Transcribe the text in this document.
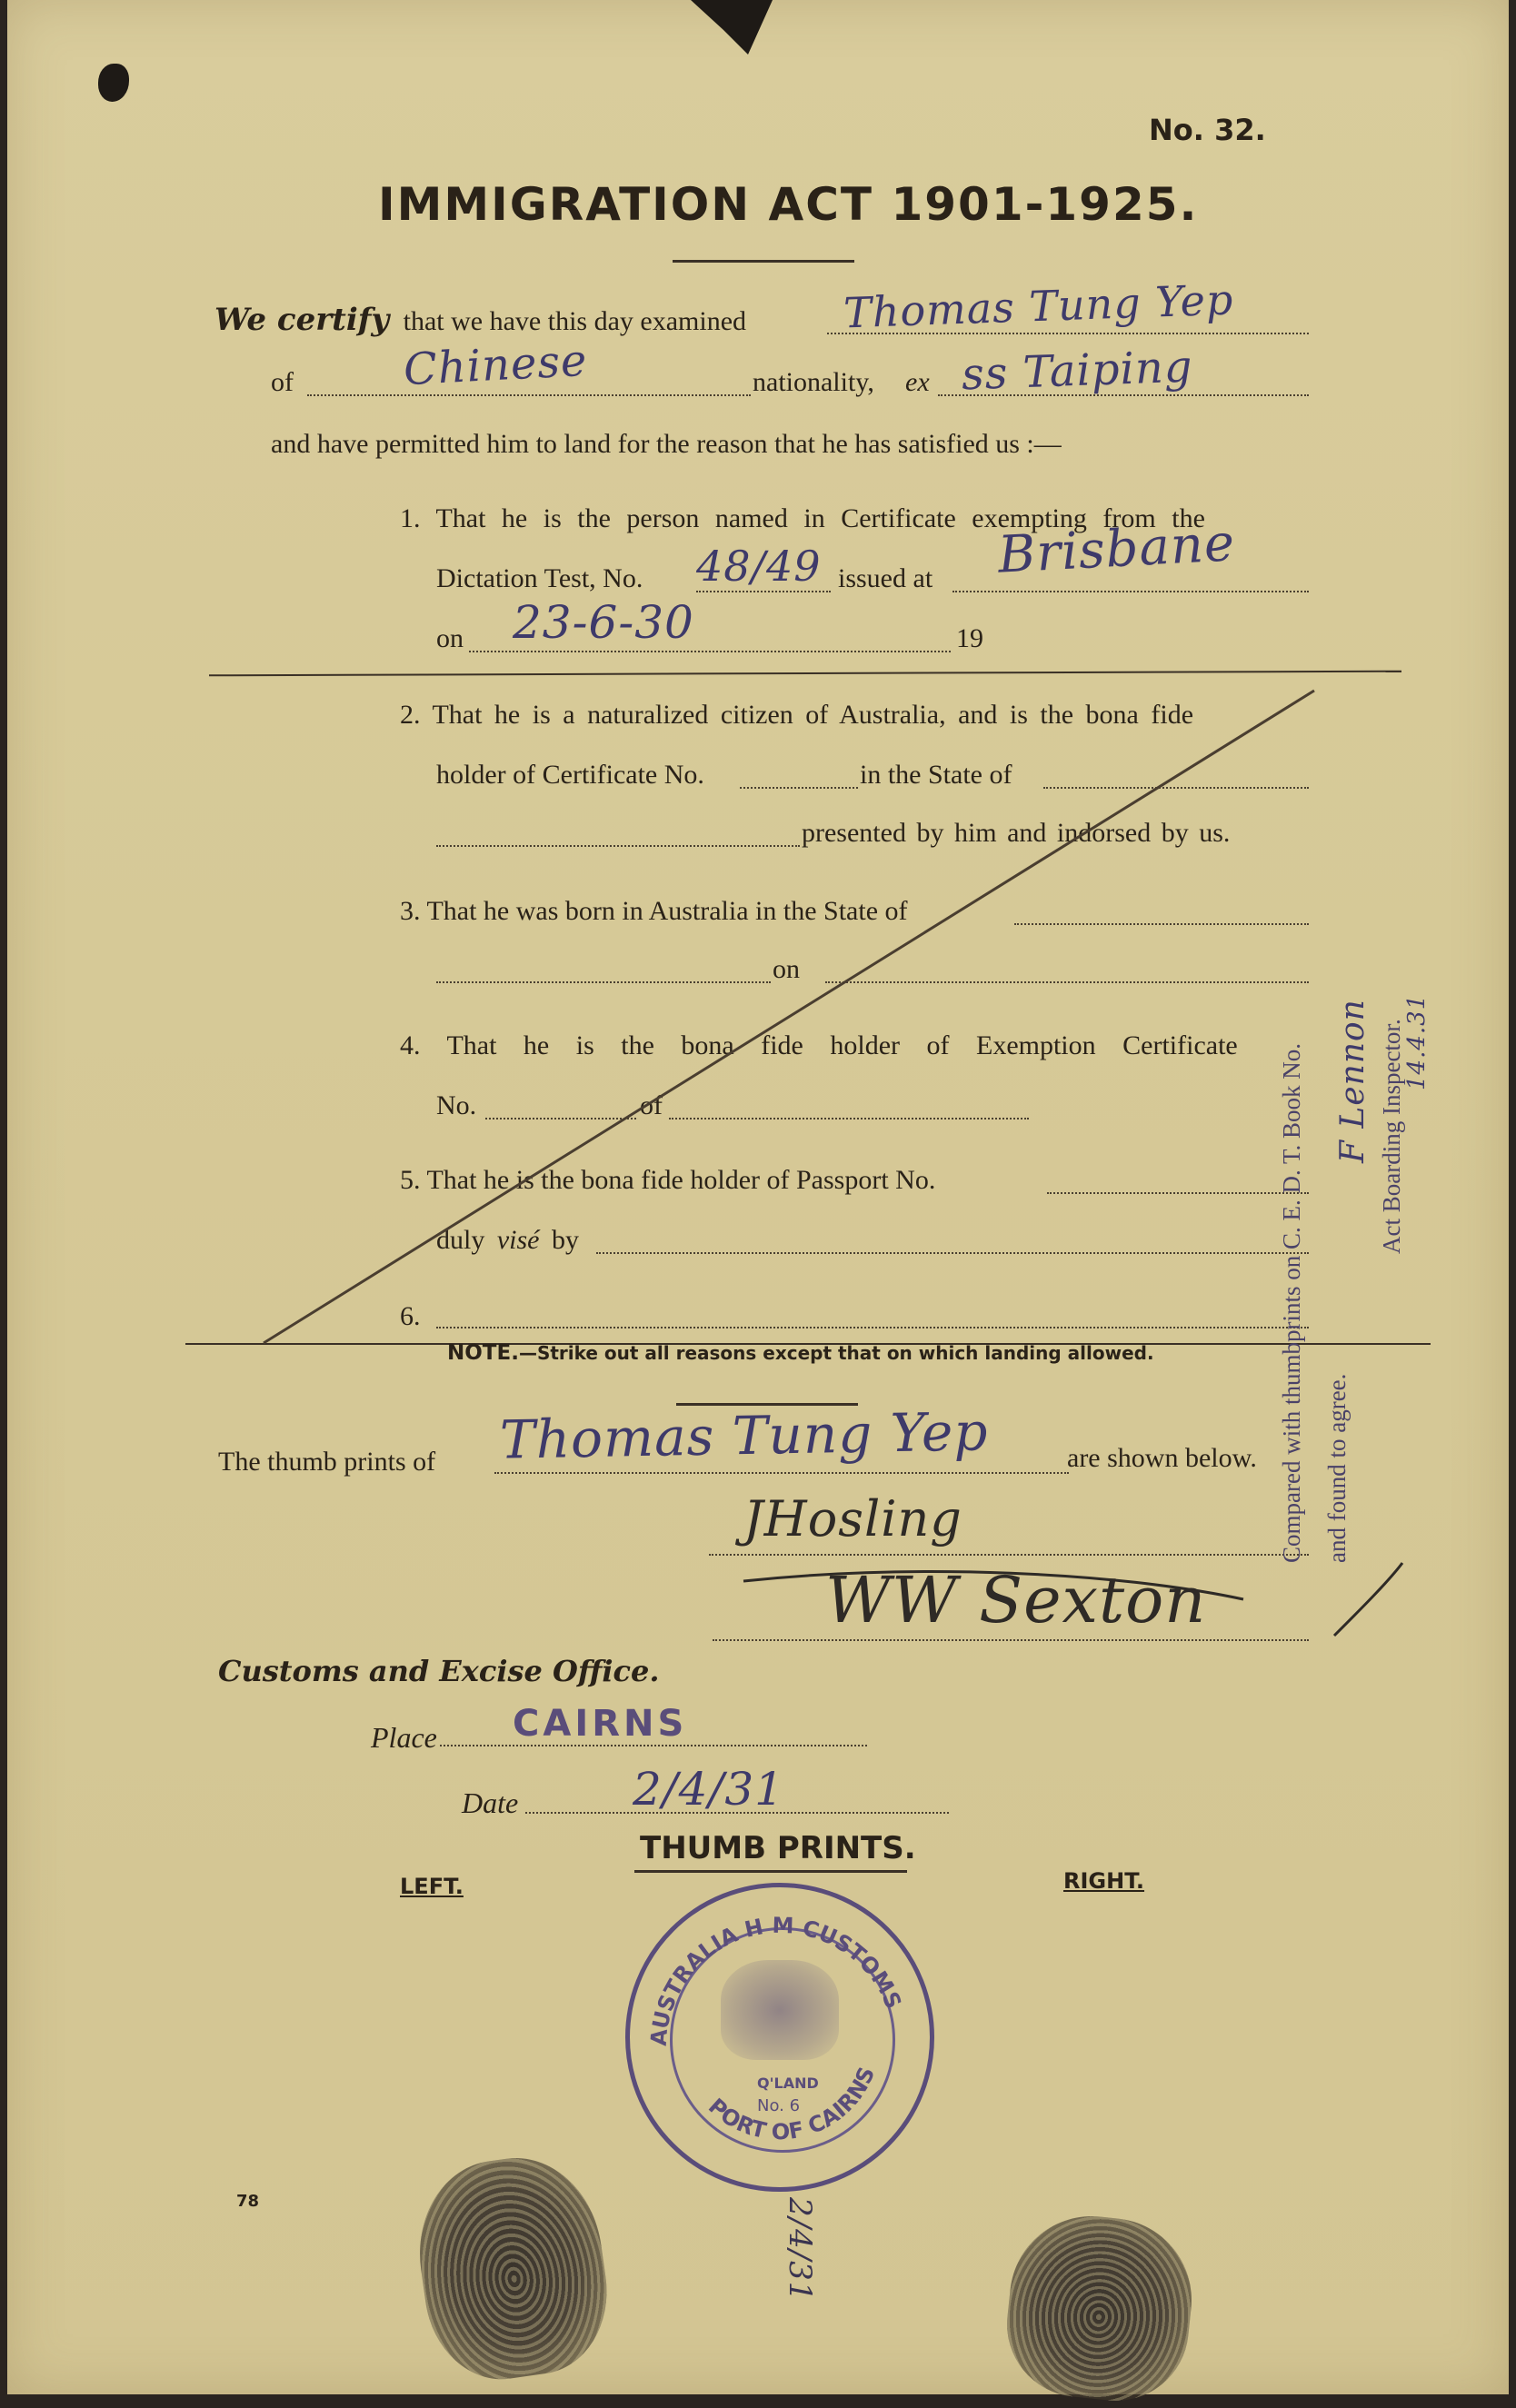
No. 32.
IMMIGRATION ACT 1901-1925.
We certify that we have this day examined Thomas Tung Yep
of Chinese	nationality, ex ss Taiping
and have permitted him to land for the reason that he has satisfied us :—
1. That he is the person named in Certificate exempting from the
Dictation Test, No. 48/49 issued at Brisbane
on 23-6-30	19
2. That he is a naturalized citizen of Australia, and is the bona fide
holder of Certificate No.	in the State of
presented by him and indorsed by us.
3. That he was born in Australia in the State of
on
4. That he is the bona fide holder of Exemption Certificate
No.	of
5. That he is the bona fide holder of Passport No.
duly visé by
6.
NOTE.—Strike out all reasons except that on which landing allowed.
The thumb prints of Thomas Tung Yep	are shown below.
JHosling
WW Sexton
Customs and Excise Office.
Place CAIRNS
Date	2/4/31
THUMB PRINTS.
LEFT.	RIGHT.
AUSTRALIA H M CUSTOMS
PORT OF CAIRNS
Q'LAND
No. 6
2/4/31
78
Compared with thumbprints on C. E. D. T. Book No. and found to agree.
Act Boarding Inspector.
F Lennon 14.4.31
